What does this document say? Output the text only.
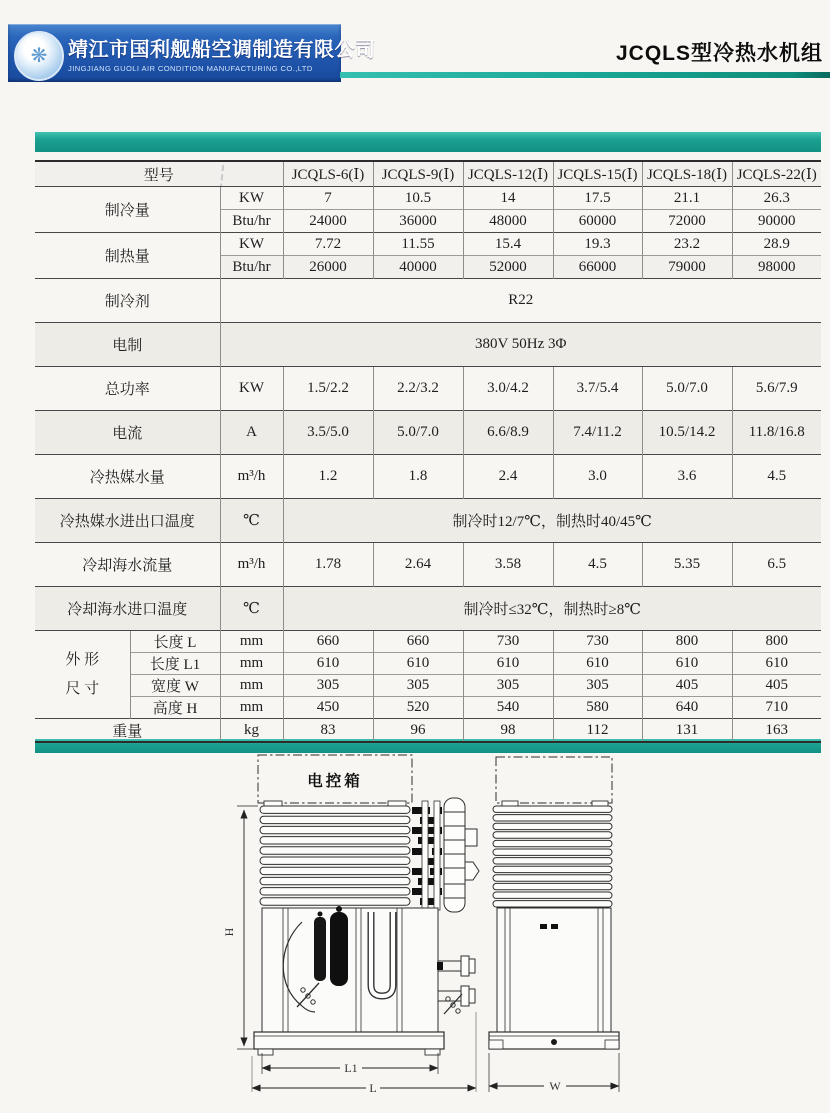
❋ 靖江市国利舰船空调制造有限公司
JINGJIANG GUOLI AIR CONDITION MANUFACTURING CO.,LTD
JCQLS型冷热水机组
型号			JCQLS-6(Ⅰ)	JCQLS-9(Ⅰ)	JCQLS-12(Ⅰ)	JCQLS-15(Ⅰ)	JCQLS-18(Ⅰ)	JCQLS-22(Ⅰ)
制冷量		KW	7	10.5	14	17.5	21.1	26.3
		Btu/hr	24000	36000	48000	60000	72000	90000
制热量		KW	7.72	11.55	15.4	19.3	23.2	28.9
		Btu/hr	26000	40000	52000	66000	79000	98000
制冷剂		R22						
电制		380V 50Hz 3Φ						
总功率		KW	1.5/2.2	2.2/3.2	3.0/4.2	3.7/5.4	5.0/7.0	5.6/7.9
电流		A	3.5/5.0	5.0/7.0	6.6/8.9	7.4/11.2	10.5/14.2	11.8/16.8
冷热媒水量		m³/h	1.2	1.8	2.4	3.0	3.6	4.5
冷热媒水进出口温度		℃	制冷时12/7℃，制热时40/45℃					
冷却海水流量		m³/h	1.78	2.64	3.58	4.5	5.35	6.5
冷却海水进口温度		℃	制冷时≤32℃，制热时≥8℃					

外 形
尺 寸	长度 L	mm	660	660	730	730	800	800
	长度 L1	mm	610	610	610	610	610	610
	宽度 W	mm	305	305	305	305	405	405
	高度 H	mm	450	520	540	580	640	710
重量		kg	83	96	98	112	131	163
电控箱
H
L1
L	W
